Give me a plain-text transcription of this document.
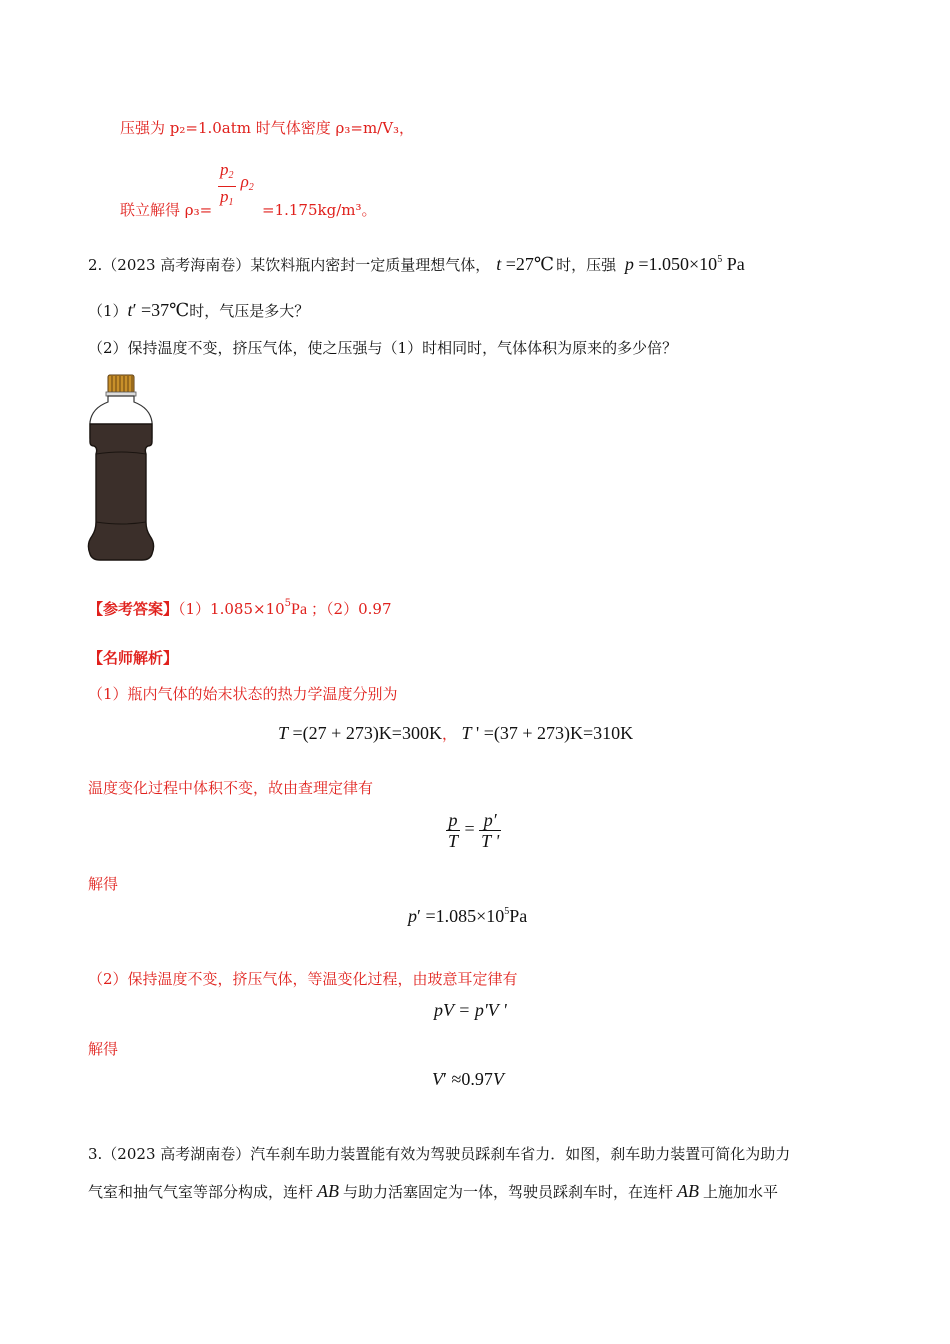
压强为 p₂=1.0atm 时气体密度 ρ₃=m/V₃，
$\frac{p_2}{p_1} \rho_2$
联立解得 ρ₃=	=1.175kg/m³。
2.（2023 高考海南卷）某饮料瓶内密封一定质量理想气体， t =27℃ 时，压强 $p =1.050\times 10^5$ Pa
（1）t′ =37℃时，气压是多大？
（2）保持温度不变，挤压气体，使之压强与（1）时相同时，气体体积为原来的多少倍？
【参考答案】$(1)1.085\times 10^5Pa$ ；（2）0.97
【名师解析】
（1）瓶内气体的始末状态的热力学温度分别为
T =(27 + 273)K=300K， T ' =(37 + 273)K=310K
温度变化过程中体积不变，故由查理定律有
$\frac{p}{T} = \frac{p'}{T '}$
解得
$p' =1.085\times 10^5Pa$
（2）保持温度不变，挤压气体，等温变化过程，由玻意耳定律有
pV = p'V '
解得
V′ ≈0.97V
3.（2023 高考湖南卷）汽车刹车助力装置能有效为驾驶员踩刹车省力．如图，刹车助力装置可简化为助力
气室和抽气气室等部分构成，连杆 AB 与助力活塞固定为一体，驾驶员踩刹车时，在连杆 AB 上施加水平
